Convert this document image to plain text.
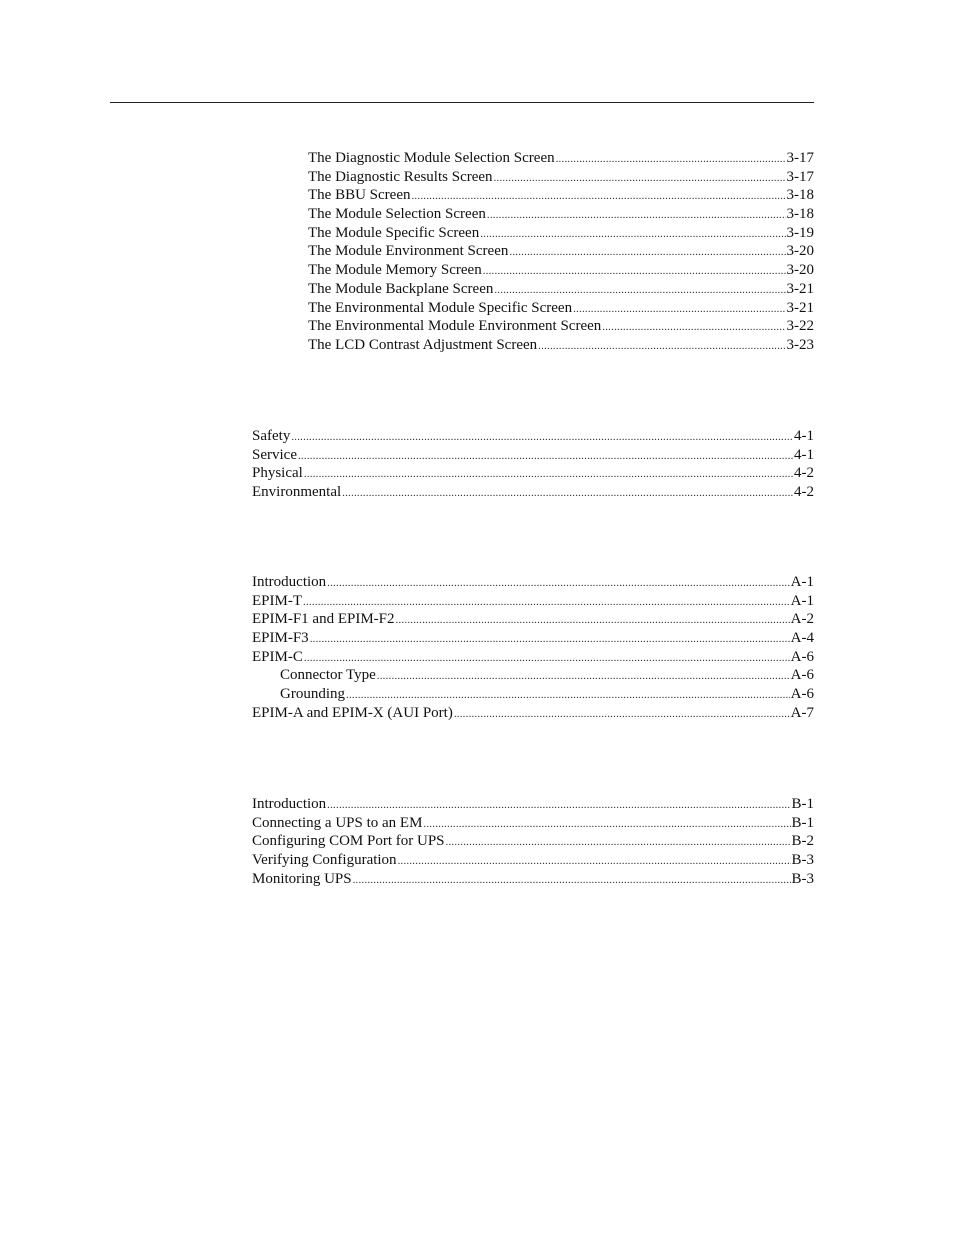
The Diagnostic Module Selection Screen .....	3-17
The Diagnostic Results Screen .....	3-17
The BBU Screen .....	3-18
The Module Selection Screen .....	3-18
The Module Specific Screen .....	3-19
The Module Environment Screen .....	3-20
The Module Memory Screen .....	3-20
The Module Backplane Screen .....	3-21
The Environmental Module Specific Screen .....	3-21
The Environmental Module Environment Screen .....	3-22
The LCD Contrast Adjustment Screen .....	3-23
Safety .....	4-1
Service .....	4-1
Physical .....	4-2
Environmental .....	4-2
Introduction .....	A-1
EPIM-T .....	A-1
EPIM-F1 and EPIM-F2 .....	A-2
EPIM-F3 .....	A-4
EPIM-C .....	A-6
Connector Type .....	A-6
Grounding .....	A-6
EPIM-A and EPIM-X (AUI Port) .....	A-7
Introduction .....	B-1
Connecting a UPS to an EM .....	B-1
Configuring COM Port for UPS .....	B-2
Verifying Configuration .....	B-3
Monitoring UPS .....	B-3
